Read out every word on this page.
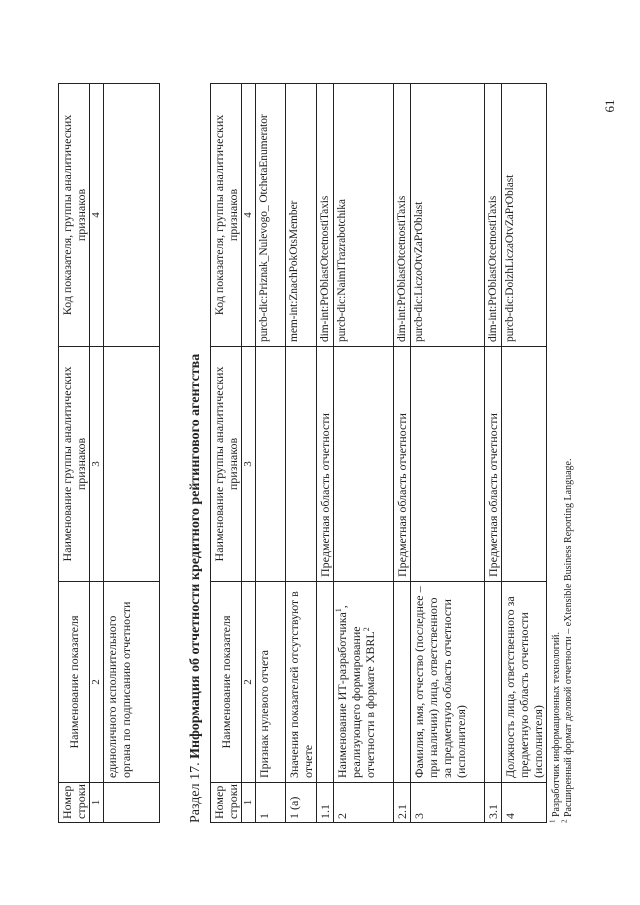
61
Номер строки	Наименование показателя	Наименование группы аналитических признаков	Код показателя, группы аналитических признаков
1	2	3	4
	единоличного исполнительного органа по подписанию отчетности		
Раздел 17. Информация об отчетности кредитного рейтингового агентства
Номер строки	Наименование показателя	Наименование группы аналитических признаков	Код показателя, группы аналитических признаков
1	2	3	4
1	Признак нулевого отчета		purcb-dic:Priznak_Nulevogo_ OtchetaEnumerator
1 (а)	Значения показателей отсутствуют в отчете		mem-int:ZnachPokOtsMember
1.1		Предметная область отчетности	dim-int:PrOblastOtcetnostiTaxis
2	Наименование ИТ-разработчика$^1$, реализующего формирование отчетности в формате XBRL$^2$		purcb-dic:NaimITrazrabotchika
2.1		Предметная область отчетности	dim-int:PrOblastOtcetnostiTaxis
3	Фамилия, имя, отчество (последнее – при наличии) лица, ответственного за предметную область отчетности (исполнителя)		purcb-dic:LiczoOtvZaPrOblast
3.1		Предметная область отчетности	dim-int:PrOblastOtcetnostiTaxis
4	Должность лица, ответственного за предметную область отчетности (исполнителя)		purcb-dic:DolzhLiczaOtvZaPrOblast
$^1$ Разработчик информационных технологий.
$^2$ Расширенный формат деловой отчетности – eXtensible Business Reporting Language.
